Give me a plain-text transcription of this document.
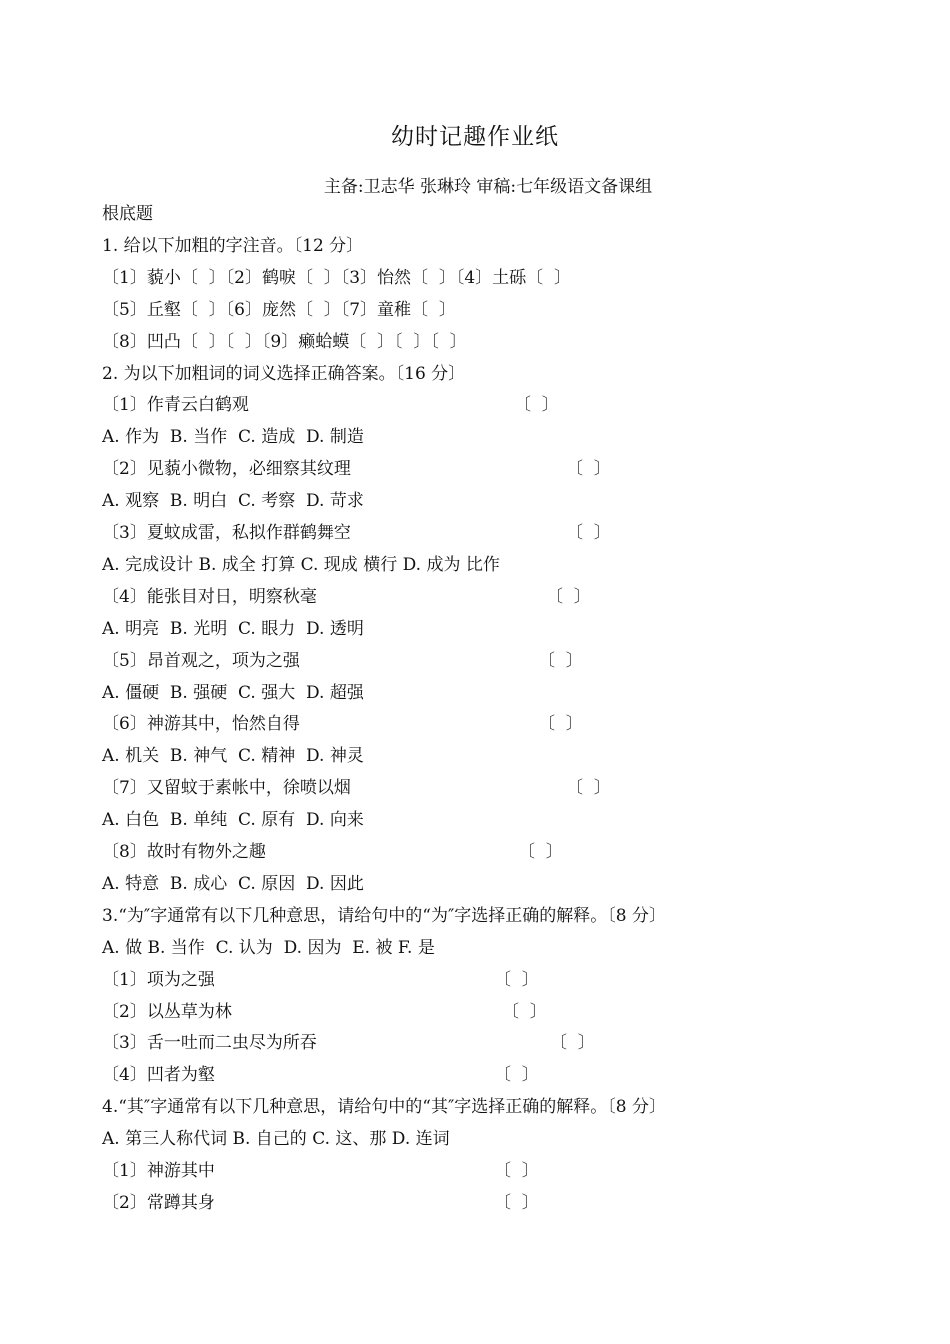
幼时记趣作业纸
主备:卫志华 张琳玲 审稿:七年级语文备课组
根底题
1. 给以下加粗的字注音。〔12 分〕
〔1〕藐小〔  〕〔2〕鹤唳〔  〕〔3〕怡然〔  〕〔4〕土砾〔  〕
〔5〕丘壑〔  〕〔6〕庞然〔  〕〔7〕童稚〔  〕
〔8〕凹凸〔  〕〔  〕〔9〕癞蛤蟆〔  〕〔  〕〔  〕
2. 为以下加粗词的词义选择正确答案。〔16 分〕
〔1〕作青云白鹤观	〔  〕
A. 作为  B. 当作  C. 造成  D. 制造
〔2〕见藐小微物，必细察其纹理	〔  〕
A. 观察  B. 明白  C. 考察  D. 苛求
〔3〕夏蚊成雷，私拟作群鹤舞空	〔  〕
A. 完成设计 B. 成全 打算 C. 现成 横行 D. 成为 比作
〔4〕能张目对日，明察秋毫	〔  〕
A. 明亮  B. 光明  C. 眼力  D. 透明
〔5〕昂首观之，项为之强	〔  〕
A. 僵硬  B. 强硬  C. 强大  D. 超强
〔6〕神游其中，怡然自得	〔  〕
A. 机关  B. 神气  C. 精神  D. 神灵
〔7〕又留蚊于素帐中，徐喷以烟	〔  〕
A. 白色  B. 单纯  C. 原有  D. 向来
〔8〕故时有物外之趣	〔  〕
A. 特意  B. 成心  C. 原因  D. 因此
3.“为″字通常有以下几种意思，请给句中的“为″字选择正确的解释。〔8 分〕
A. 做 B. 当作  C. 认为  D. 因为  E. 被 F. 是
〔1〕项为之强	〔  〕
〔2〕以丛草为林	〔  〕
〔3〕舌一吐而二虫尽为所吞	〔  〕
〔4〕凹者为壑	〔  〕
4.“其″字通常有以下几种意思，请给句中的“其″字选择正确的解释。〔8 分〕
A. 第三人称代词 B. 自己的 C. 这、那 D. 连词
〔1〕神游其中	〔  〕
〔2〕常蹲其身	〔  〕
